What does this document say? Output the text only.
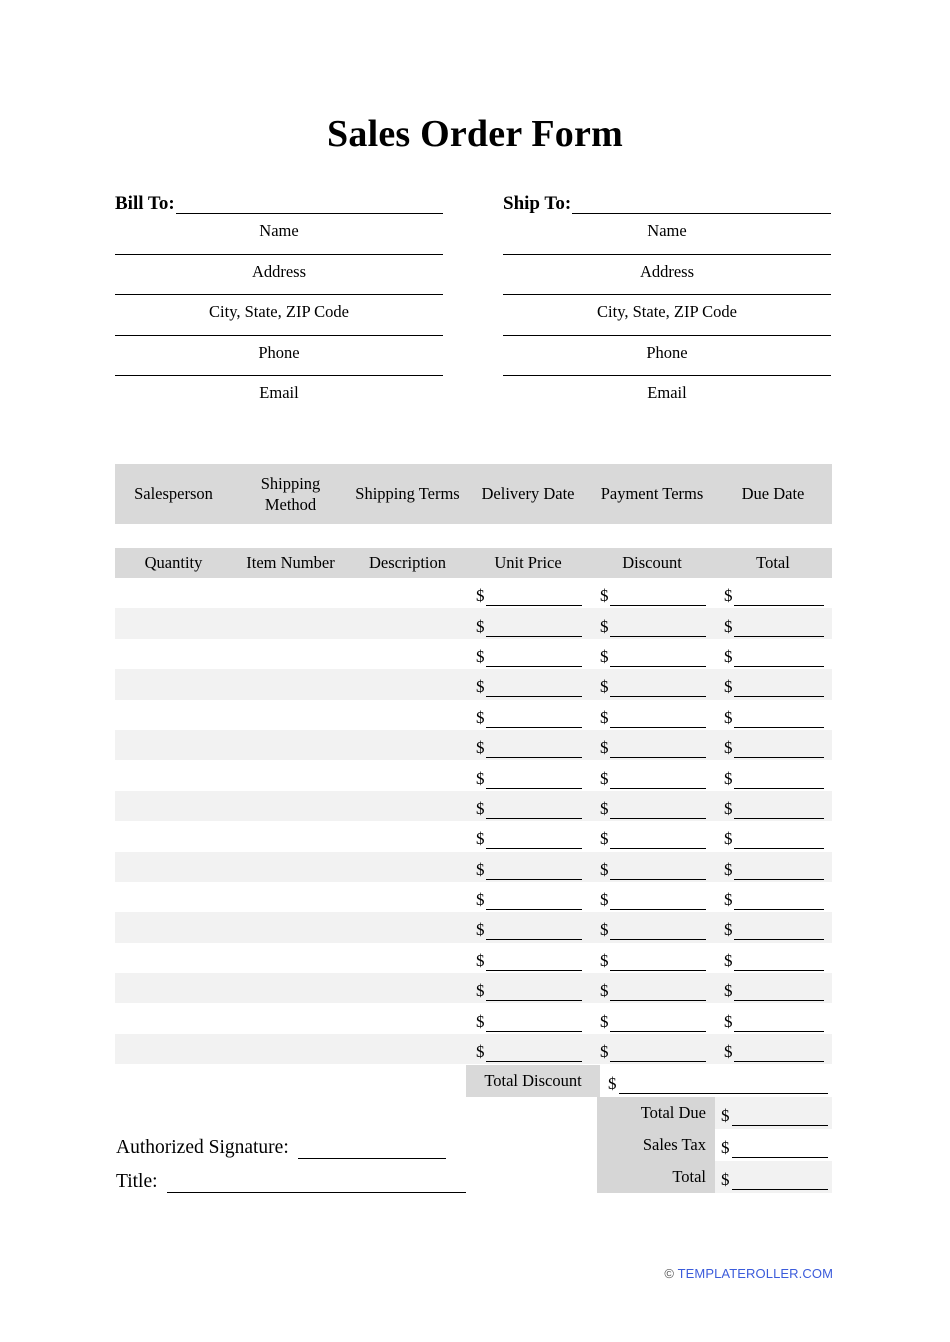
Sales Order Form
Bill To:
Name
Address
City, State, ZIP Code
Phone
Email
Ship To:
Name
Address
City, State, ZIP Code
Phone
Email
Salesperson	Shipping Method	Shipping Terms	Delivery Date	Payment Terms	Due Date
Quantity	Item Number	Description	Unit Price	Discount	Total

			$	$	$

			$	$	$

			$	$	$

			$	$	$

			$	$	$

			$	$	$

			$	$	$

			$	$	$

			$	$	$

			$	$	$

			$	$	$

			$	$	$

			$	$	$

			$	$	$

			$	$	$

			$	$	$
Total Discount	$
Total Due $
Sales Tax $
Total $
Authorized Signature:
Title:
© TEMPLATEROLLER.COM
